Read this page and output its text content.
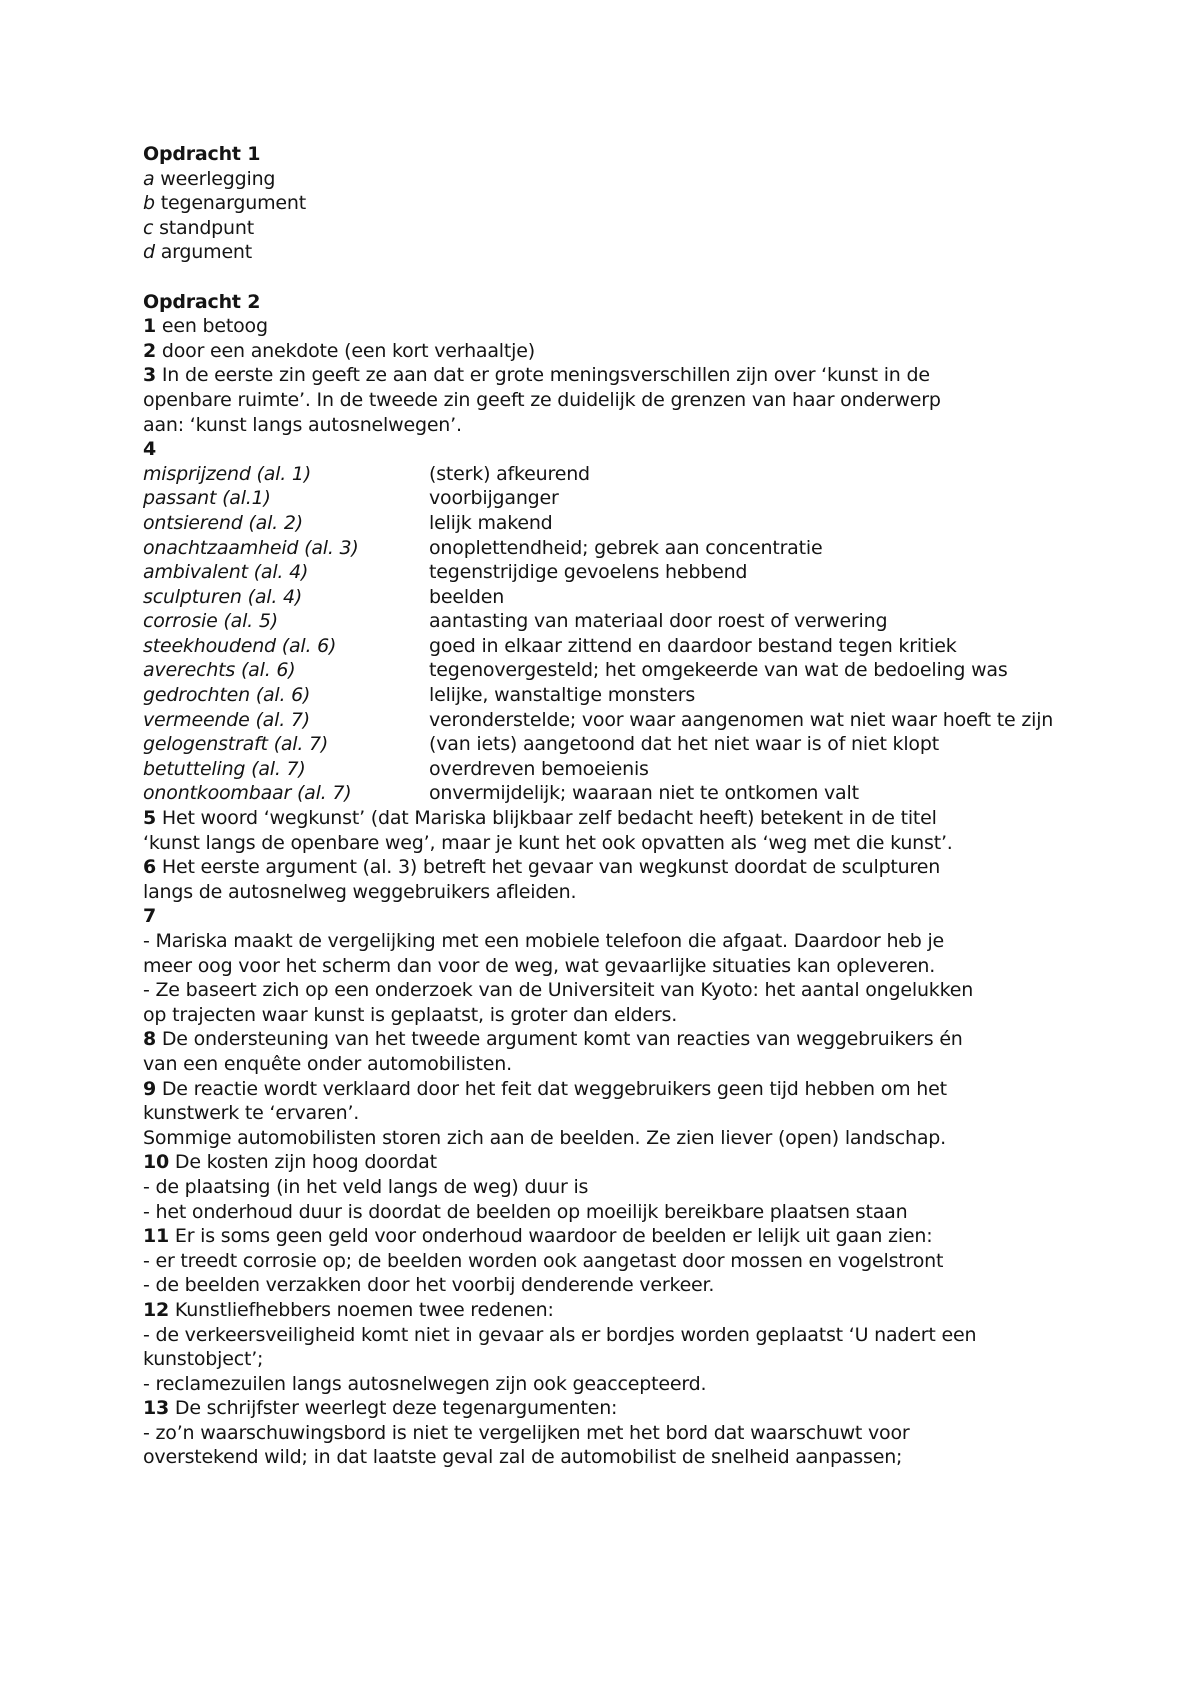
Opdracht 1
a weerlegging
b tegenargument
c standpunt
d argument
Opdracht 2
1 een betoog
2 door een anekdote (een kort verhaaltje)
3 In de eerste zin geeft ze aan dat er grote meningsverschillen zijn over ‘kunst in de
openbare ruimte’. In de tweede zin geeft ze duidelijk de grenzen van haar onderwerp
aan: ‘kunst langs autosnelwegen’.
4
misprijzend (al. 1)	(sterk) afkeurend
passant (al.1)	voorbijganger
ontsierend (al. 2)	lelijk makend
onachtzaamheid (al. 3)	onoplettendheid; gebrek aan concentratie
ambivalent (al. 4)	tegenstrijdige gevoelens hebbend
sculpturen (al. 4)	beelden
corrosie (al. 5)	aantasting van materiaal door roest of verwering
steekhoudend (al. 6)	goed in elkaar zittend en daardoor bestand tegen kritiek
averechts (al. 6)	tegenovergesteld; het omgekeerde van wat de bedoeling was
gedrochten (al. 6)	lelijke, wanstaltige monsters
vermeende (al. 7)	veronderstelde; voor waar aangenomen wat niet waar hoeft te zijn
gelogenstraft (al. 7)	(van iets) aangetoond dat het niet waar is of niet klopt
betutteling (al. 7)	overdreven bemoeienis
onontkoombaar (al. 7)	onvermijdelijk; waaraan niet te ontkomen valt
5 Het woord ‘wegkunst’ (dat Mariska blijkbaar zelf bedacht heeft) betekent in de titel
‘kunst langs de openbare weg’, maar je kunt het ook opvatten als ‘weg met die kunst’.
6 Het eerste argument (al. 3) betreft het gevaar van wegkunst doordat de sculpturen
langs de autosnelweg weggebruikers afleiden.
7
- Mariska maakt de vergelijking met een mobiele telefoon die afgaat. Daardoor heb je
meer oog voor het scherm dan voor de weg, wat gevaarlijke situaties kan opleveren.
- Ze baseert zich op een onderzoek van de Universiteit van Kyoto: het aantal ongelukken
op trajecten waar kunst is geplaatst, is groter dan elders.
8 De ondersteuning van het tweede argument komt van reacties van weggebruikers én
van een enquête onder automobilisten.
9 De reactie wordt verklaard door het feit dat weggebruikers geen tijd hebben om het
kunstwerk te ‘ervaren’.
Sommige automobilisten storen zich aan de beelden. Ze zien liever (open) landschap.
10 De kosten zijn hoog doordat
- de plaatsing (in het veld langs de weg) duur is
- het onderhoud duur is doordat de beelden op moeilijk bereikbare plaatsen staan
11 Er is soms geen geld voor onderhoud waardoor de beelden er lelijk uit gaan zien:
- er treedt corrosie op; de beelden worden ook aangetast door mossen en vogelstront
- de beelden verzakken door het voorbij denderende verkeer.
12 Kunstliefhebbers noemen twee redenen:
- de verkeersveiligheid komt niet in gevaar als er bordjes worden geplaatst ‘U nadert een
kunstobject’;
- reclamezuilen langs autosnelwegen zijn ook geaccepteerd.
13 De schrijfster weerlegt deze tegenargumenten:
- zo’n waarschuwingsbord is niet te vergelijken met het bord dat waarschuwt voor
overstekend wild; in dat laatste geval zal de automobilist de snelheid aanpassen;
